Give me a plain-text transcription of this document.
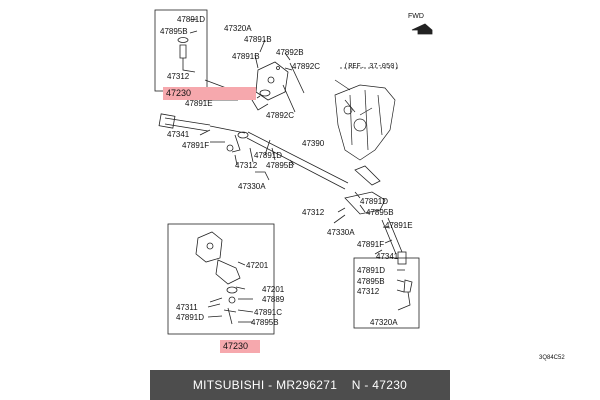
FWD
(REF. 37-050)
47230
47230
47891D
47320A
47895B
47891B
47312
47891B 47892B
47892C
47891E
47892C
47341
47891F
47891D
47390
47312 47895B
47330A
47891D
47312	47895B
47330A
47891E
47891F
47341
47891D
47895B
47312
47320A
47201
47201
47889
47311
47891C
47891D
47895B
3Q84C52
MITSUBISHI - MR296271    N - 47230
